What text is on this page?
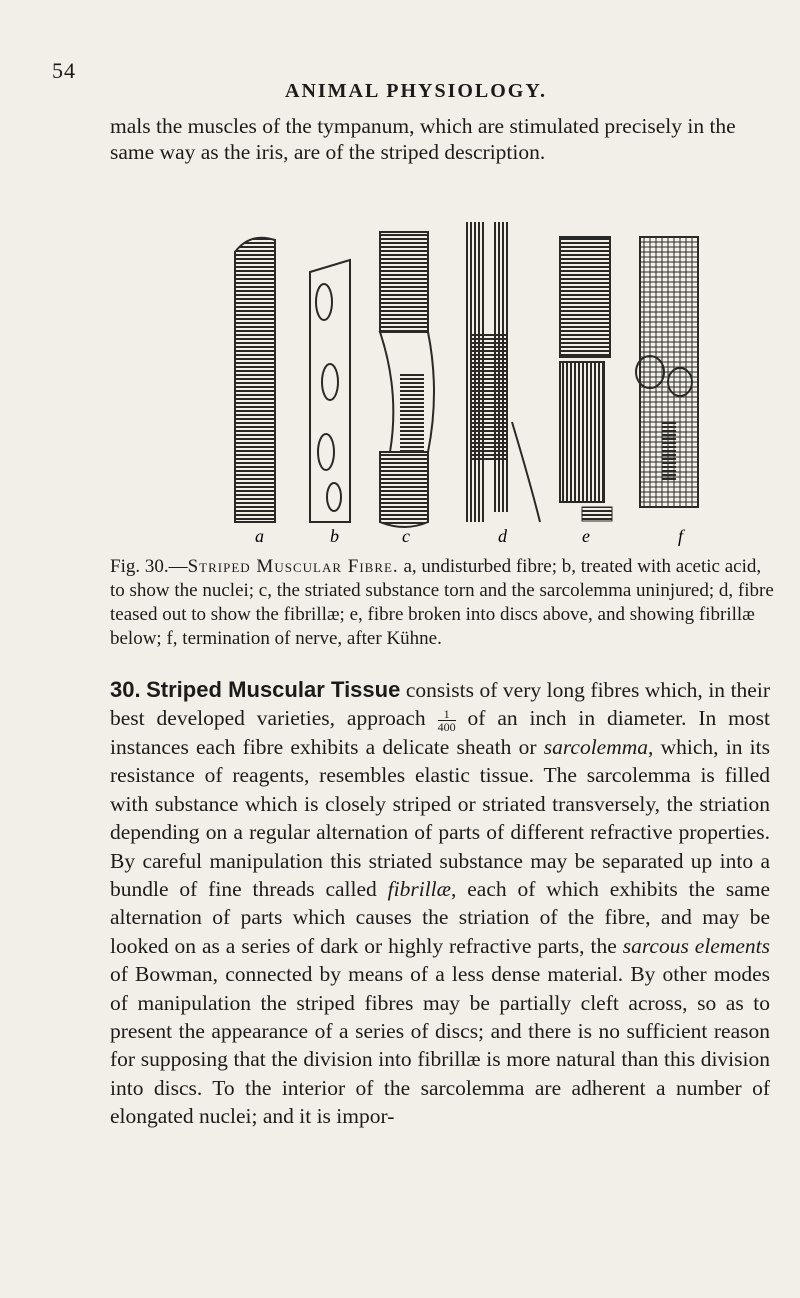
54
ANIMAL PHYSIOLOGY.

mals the muscles of the tympanum, which are stimulated precisely in the same way as the iris, are of the striped description.

a	b	c	d	e	f

Fig. 30.—Striped Muscular Fibre. a, undisturbed fibre; b, treated with acetic acid, to show the nuclei; c, the striated substance torn and the sarcolemma uninjured; d, fibre teased out to show the fibrillæ; e, fibre broken into discs above, and showing fibrillæ below; f, termination of nerve, after Kühne.

30. Striped Muscular Tissue consists of very long fibres which, in their best developed varieties, approach $\frac{1}{400}$ of an inch in diameter. In most instances each fibre exhibits a delicate sheath or sarcolemma, which, in its resistance of reagents, resembles elastic tissue. The sarcolemma is filled with substance which is closely striped or striated transversely, the striation depending on a regular alternation of parts of different refractive properties. By careful manipulation this striated substance may be separated up into a bundle of fine threads called fibrillæ, each of which exhibits the same alternation of parts which causes the striation of the fibre, and may be looked on as a series of dark or highly refractive parts, the sarcous elements of Bowman, connected by means of a less dense material. By other modes of manipulation the striped fibres may be partially cleft across, so as to present the appearance of a series of discs; and there is no sufficient reason for supposing that the division into fibrillæ is more natural than this division into discs. To the interior of the sarcolemma are adherent a number of elongated nuclei; and it is impor-
